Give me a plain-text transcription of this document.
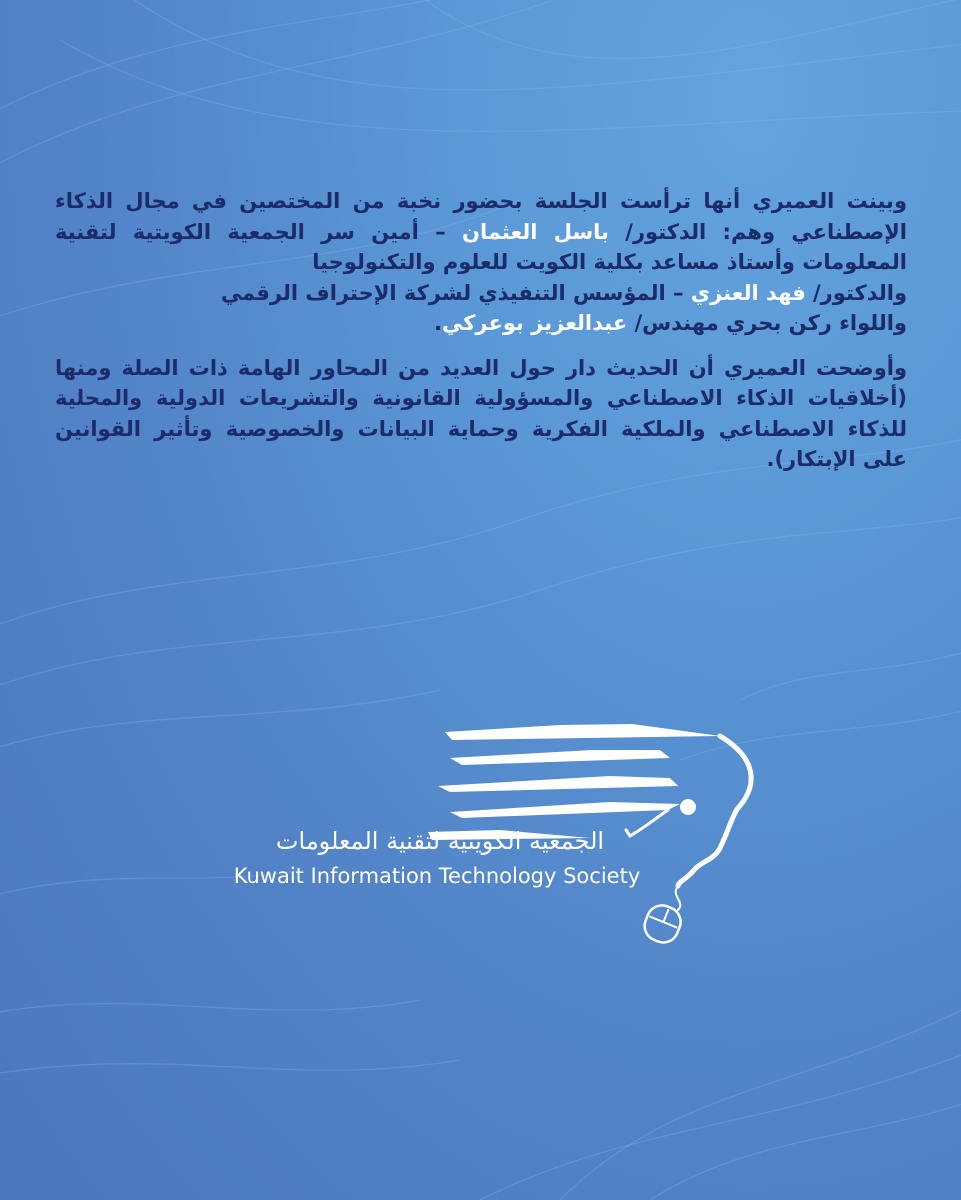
وبينت العميري أنها ترأست الجلسة بحضور نخبة من المختصين في مجال الذكاء الإصطناعي وهم: الدكتور/ باسل العثمان – أمين سر الجمعية الكويتية لتقنية المعلومات وأستاذ مساعد بكلية الكويت للعلوم والتكنولوجيا
والدكتور/ فهد العنزي – المؤسس التنفيذي لشركة الإحتراف الرقمي
واللواء ركن بحري مهندس/ عبدالعزيز بوعركي.

وأوضحت العميري أن الحديث دار حول العديد من المحاور الهامة ذات الصلة ومنها (أخلاقيات الذكاء الاصطناعي والمسؤولية القانونية والتشريعات الدولية والمحلية للذكاء الاصطناعي والملكية الفكرية وحماية البيانات والخصوصية وتأثير القوانين على الإبتكار).

الجمعية الكويتية لتقنية المعلومات
Kuwait Information Technology Society
